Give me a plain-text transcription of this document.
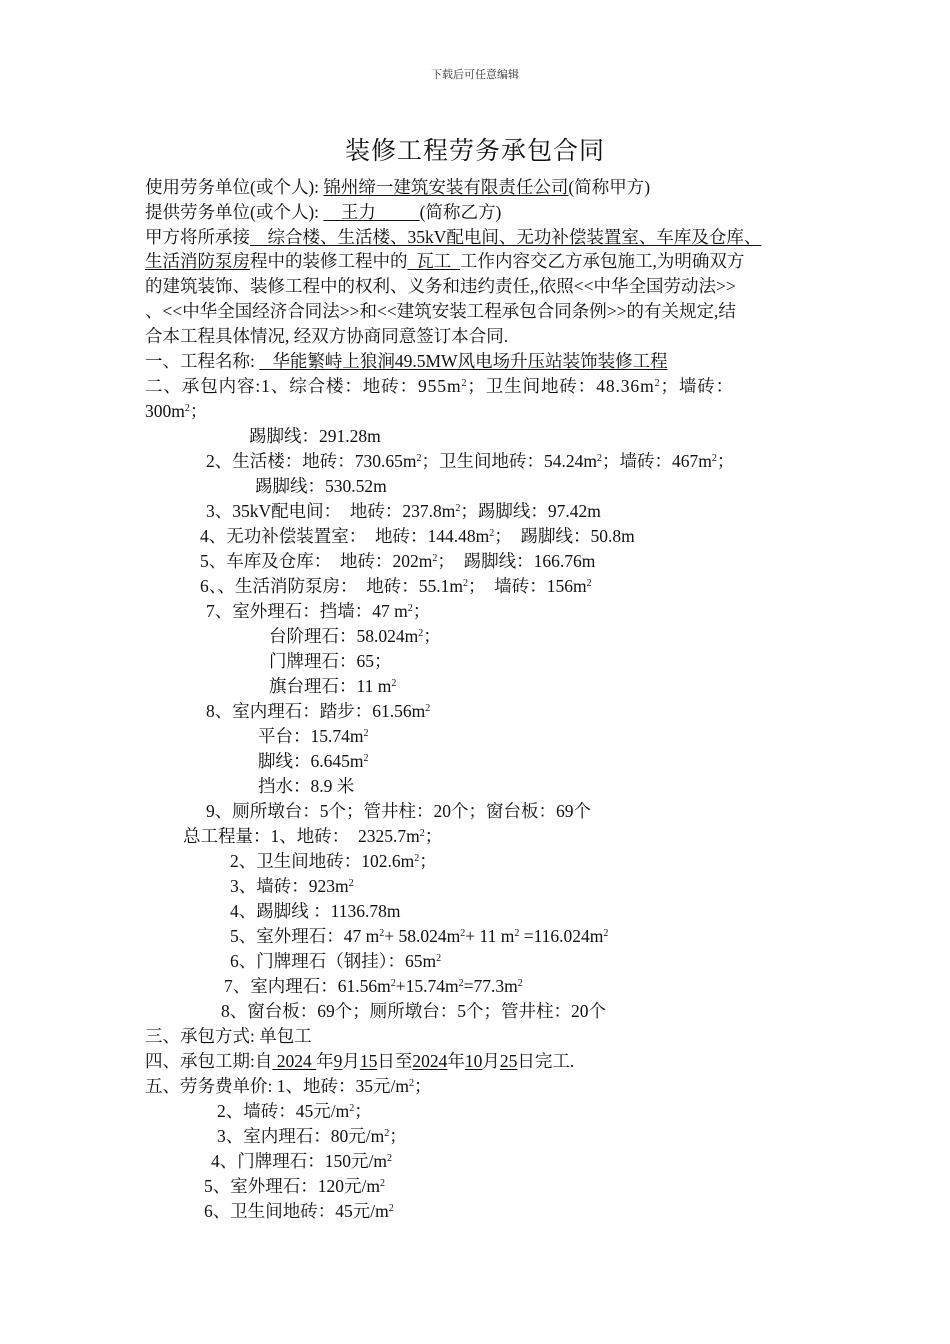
下载后可任意编辑
装修工程劳务承包合同
使用劳务单位(或个人): 锦州缔一建筑安装有限责任公司(简称甲方)
提供劳务单位(或个人):     王力          (简称乙方)
甲方将所承接    综合楼、生活楼、35kV配电间、无功补偿装置室、车库及仓库、
生活消防泵房程中的装修工程中的  瓦工  工作内容交乙方承包施工,为明确双方
的建筑装饰、装修工程中的权利、义务和违约责任,,依照<<中华全国劳动法>>
、<<中华全国经济合同法>>和<<建筑安装工程承包合同条例>>的有关规定,结
合本工程具体情况, 经双方协商同意签订本合同.
一、工程名称:    华能繁峙上狼涧49.5MW风电场升压站装饰装修工程
二、承包内容:1、综合楼：地砖：$955m^2$；卫生间地砖：$48.36m^2$；墙砖：
$300m^2$；
踢脚线：291.28m
2、生活楼：地砖：$730.65m^2$；卫生间地砖：$54.24m^2$；墙砖：$467m^2$；
踢脚线：530.52m
3、35kV配电间：  地砖：$237.8m^2$；踢脚线：97.42m
4、无功补偿装置室：  地砖：$144.48m^2$；  踢脚线：50.8m
5、车库及仓库：  地砖：$202m^2$；  踢脚线：166.76m
6、、生活消防泵房：  地砖：$55.1m^2$；  墙砖：$156m^2$
7、室外理石：挡墙：47 $m^2$；
台阶理石：$58.024m^2$；
门牌理石：65；
旗台理石：11 $m^2$
8、室内理石：踏步：$61.56m^2$
平台：$15.74m^2$
脚线：$6.645m^2$
挡水：8.9 米
9、厕所墩台：5个；管井柱：20个；窗台板：69个
总工程量：1、地砖：  $2325.7m^2$；
2、卫生间地砖：$102.6m^2$；
3、墙砖：$923m^2$
4、踢脚线 ：1136.78m
5、室外理石：47 $m^2+ 58.024m^2+ 11$ $m^2 =116.024m^2$
6、门牌理石（钢挂）：$65m^2$
7、室内理石：$61.56m^2+15.74m^2=77.3m^2$
8、窗台板：69个；厕所墩台：5个；管井柱：20个
三、承包方式: 单包工
四、承包工期:自 2024 年9月15日至2024年10月25日完工.
五、劳务费单价: 1、地砖：35元$/m^2$；
2、墙砖：45元$/m^2$；
3、室内理石：80元$/m^2$；
4、门牌理石：150元$/m^2$
5、室外理石：120元$/m^2$
6、卫生间地砖：45元$/m^2$
